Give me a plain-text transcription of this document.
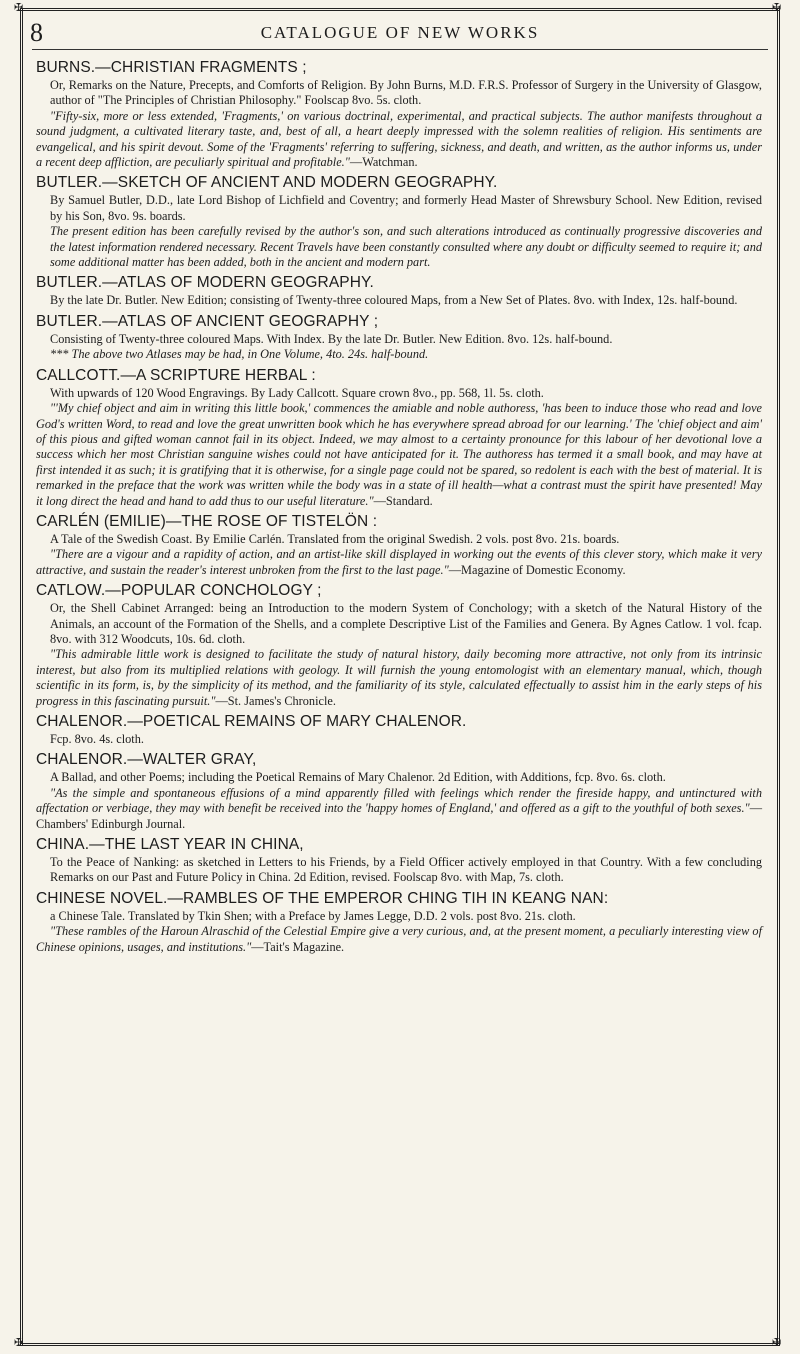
✠	✠
✠	✠
8	CATALOGUE OF NEW WORKS

BURNS.—CHRISTIAN FRAGMENTS ;

Or, Remarks on the Nature, Precepts, and Comforts of Religion. By John Burns, M.D. F.R.S. Professor of Surgery in the University of Glasgow, author of "The Principles of Christian Philosophy." Foolscap 8vo. 5s. cloth.

"Fifty-six, more or less extended, 'Fragments,' on various doctrinal, experimental, and practical subjects. The author manifests throughout a sound judgment, a cultivated literary taste, and, best of all, a heart deeply impressed with the solemn realities of religion. His sentiments are evangelical, and his spirit devout. Some of the 'Fragments' referring to suffering, sickness, and death, and written, as the author informs us, under a recent deep affliction, are peculiarly spiritual and profitable."—Watchman.

BUTLER.—SKETCH OF ANCIENT AND MODERN GEOGRAPHY.

By Samuel Butler, D.D., late Lord Bishop of Lichfield and Coventry; and formerly Head Master of Shrewsbury School. New Edition, revised by his Son, 8vo. 9s. boards.

The present edition has been carefully revised by the author's son, and such alterations introduced as continually progressive discoveries and the latest information rendered necessary. Recent Travels have been constantly consulted where any doubt or difficulty seemed to require it; and some additional matter has been added, both in the ancient and modern part.

BUTLER.—ATLAS OF MODERN GEOGRAPHY.

By the late Dr. Butler. New Edition; consisting of Twenty-three coloured Maps, from a New Set of Plates. 8vo. with Index, 12s. half-bound.

BUTLER.—ATLAS OF ANCIENT GEOGRAPHY ;

Consisting of Twenty-three coloured Maps. With Index. By the late Dr. Butler. New Edition. 8vo. 12s. half-bound.

*** The above two Atlases may be had, in One Volume, 4to. 24s. half-bound.

CALLCOTT.—A SCRIPTURE HERBAL :

With upwards of 120 Wood Engravings. By Lady Callcott. Square crown 8vo., pp. 568, 1l. 5s. cloth.

"'My chief object and aim in writing this little book,' commences the amiable and noble authoress, 'has been to induce those who read and love God's written Word, to read and love the great unwritten book which he has everywhere spread abroad for our learning.' The 'chief object and aim' of this pious and gifted woman cannot fail in its object. Indeed, we may almost to a certainty pronounce for this labour of her devotional love a success which her most Christian sanguine wishes could not have anticipated for it. The authoress has termed it a small book, and may have at first intended it as such; it is gratifying that it is otherwise, for a single page could not be spared, so redolent is each with the best of material. It is remarked in the preface that the work was written while the body was in a state of ill health—what a contrast must the spirit have presented! May it long direct the head and hand to add thus to our useful literature."—Standard.

CARLÉN (EMILIE)—THE ROSE OF TISTELÖN :

A Tale of the Swedish Coast. By Emilie Carlén. Translated from the original Swedish. 2 vols. post 8vo. 21s. boards.

"There are a vigour and a rapidity of action, and an artist-like skill displayed in working out the events of this clever story, which make it very attractive, and sustain the reader's interest unbroken from the first to the last page."—Magazine of Domestic Economy.

CATLOW.—POPULAR CONCHOLOGY ;

Or, the Shell Cabinet Arranged: being an Introduction to the modern System of Conchology; with a sketch of the Natural History of the Animals, an account of the Formation of the Shells, and a complete Descriptive List of the Families and Genera. By Agnes Catlow. 1 vol. fcap. 8vo. with 312 Woodcuts, 10s. 6d. cloth.

"This admirable little work is designed to facilitate the study of natural history, daily becoming more attractive, not only from its intrinsic interest, but also from its multiplied relations with geology. It will furnish the young entomologist with an elementary manual, which, though scientific in its form, is, by the simplicity of its method, and the familiarity of its style, calculated effectually to assist him in the early steps of his progress in this fascinating pursuit."—St. James's Chronicle.

CHALENOR.—POETICAL REMAINS OF MARY CHALENOR.

Fcp. 8vo. 4s. cloth.

CHALENOR.—WALTER GRAY,

A Ballad, and other Poems; including the Poetical Remains of Mary Chalenor. 2d Edition, with Additions, fcp. 8vo. 6s. cloth.

"As the simple and spontaneous effusions of a mind apparently filled with feelings which render the fireside happy, and untinctured with affectation or verbiage, they may with benefit be received into the 'happy homes of England,' and offered as a gift to the youthful of both sexes."—Chambers' Edinburgh Journal.

CHINA.—THE LAST YEAR IN CHINA,

To the Peace of Nanking: as sketched in Letters to his Friends, by a Field Officer actively employed in that Country. With a few concluding Remarks on our Past and Future Policy in China. 2d Edition, revised. Foolscap 8vo. with Map, 7s. cloth.

CHINESE NOVEL.—RAMBLES OF THE EMPEROR CHING TIH IN KEANG NAN:

a Chinese Tale. Translated by Tkin Shen; with a Preface by James Legge, D.D. 2 vols. post 8vo. 21s. cloth.

"These rambles of the Haroun Alraschid of the Celestial Empire give a very curious, and, at the present moment, a peculiarly interesting view of Chinese opinions, usages, and institutions."—Tait's Magazine.
